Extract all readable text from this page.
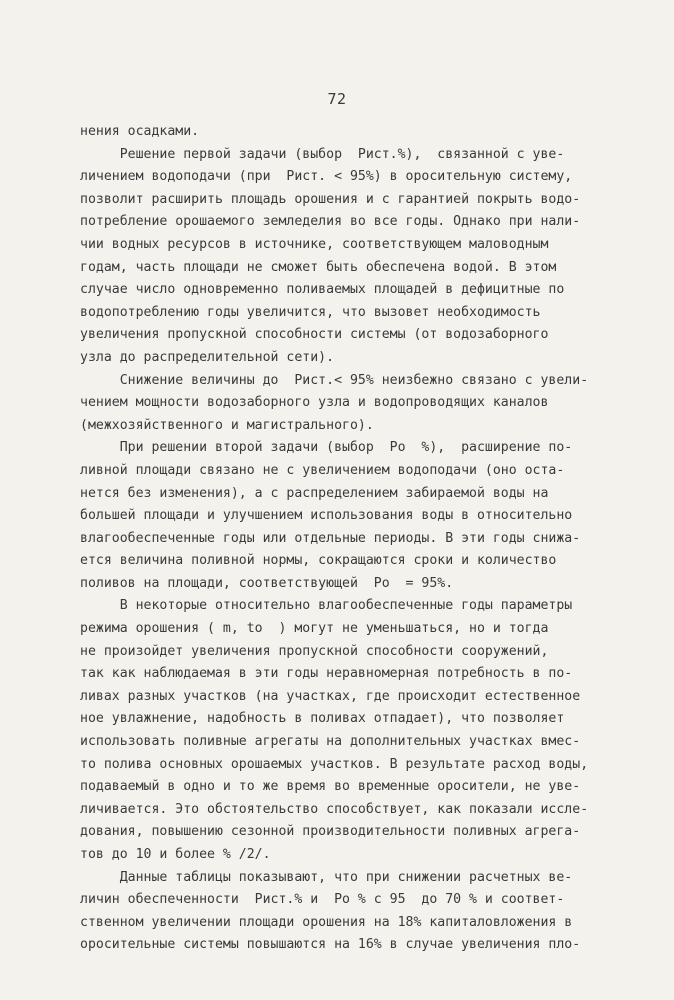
72
нения осадками.
Решение первой задачи (выбор  Рист.%),  связанной с уве-
личением водоподачи (при  Рист. < 95%) в оросительную систему,
позволит расширить площадь орошения и с гарантией покрыть водо-
потребление орошаемого земледелия во все годы. Однако при нали-
чии водных ресурсов в источнике, соответствующем маловодным
годам, часть площади не сможет быть обеспечена водой. В этом
случае число одновременно поливаемых площадей в дефицитные по
водопотреблению годы увеличится, что вызовет необходимость
увеличения пропускной способности системы (от водозаборного
узла до распределительной сети).
Снижение величины до  Рист.< 95% неизбежно связано с увели-
чением мощности водозаборного узла и водопроводящих каналов
(межхозяйственного и магистрального).
При решении второй задачи (выбор  Ро  %),  расширение по-
ливной площади связано не с увеличением водоподачи (оно оста-
нется без изменения), а с распределением забираемой воды на
большей площади и улучшением использования воды в относительно
влагообеспеченные годы или отдельные периоды. В эти годы снижа-
ется величина поливной нормы, сокращаются сроки и количество
поливов на площади, соответствующей  Ро  = 95%.
В некоторые относительно влагообеспеченные годы параметры
режима орошения ( m, to  ) могут не уменьшаться, но и тогда
не произойдет увеличения пропускной способности сооружений,
так как наблюдаемая в эти годы неравномерная потребность в по-
ливах разных участков (на участках, где происходит естественное
ное увлажнение, надобность в поливах отпадает), что позволяет
использовать поливные агрегаты на дополнительных участках вмес-
то полива основных орошаемых участков. В результате расход воды,
подаваемый в одно и то же время во временные оросители, не уве-
личивается. Это обстоятельство способствует, как показали иссле-
дования, повышению сезонной производительности поливных агрега-
тов до 10 и более % /2/.
Данные таблицы показывают, что при снижении расчетных ве-
личин обеспеченности  Рист.% и  Ро % с 95  до 70 % и соответ-
ственном увеличении площади орошения на 18% капиталовложения в
оросительные системы повышаются на 16% в случае увеличения пло-
